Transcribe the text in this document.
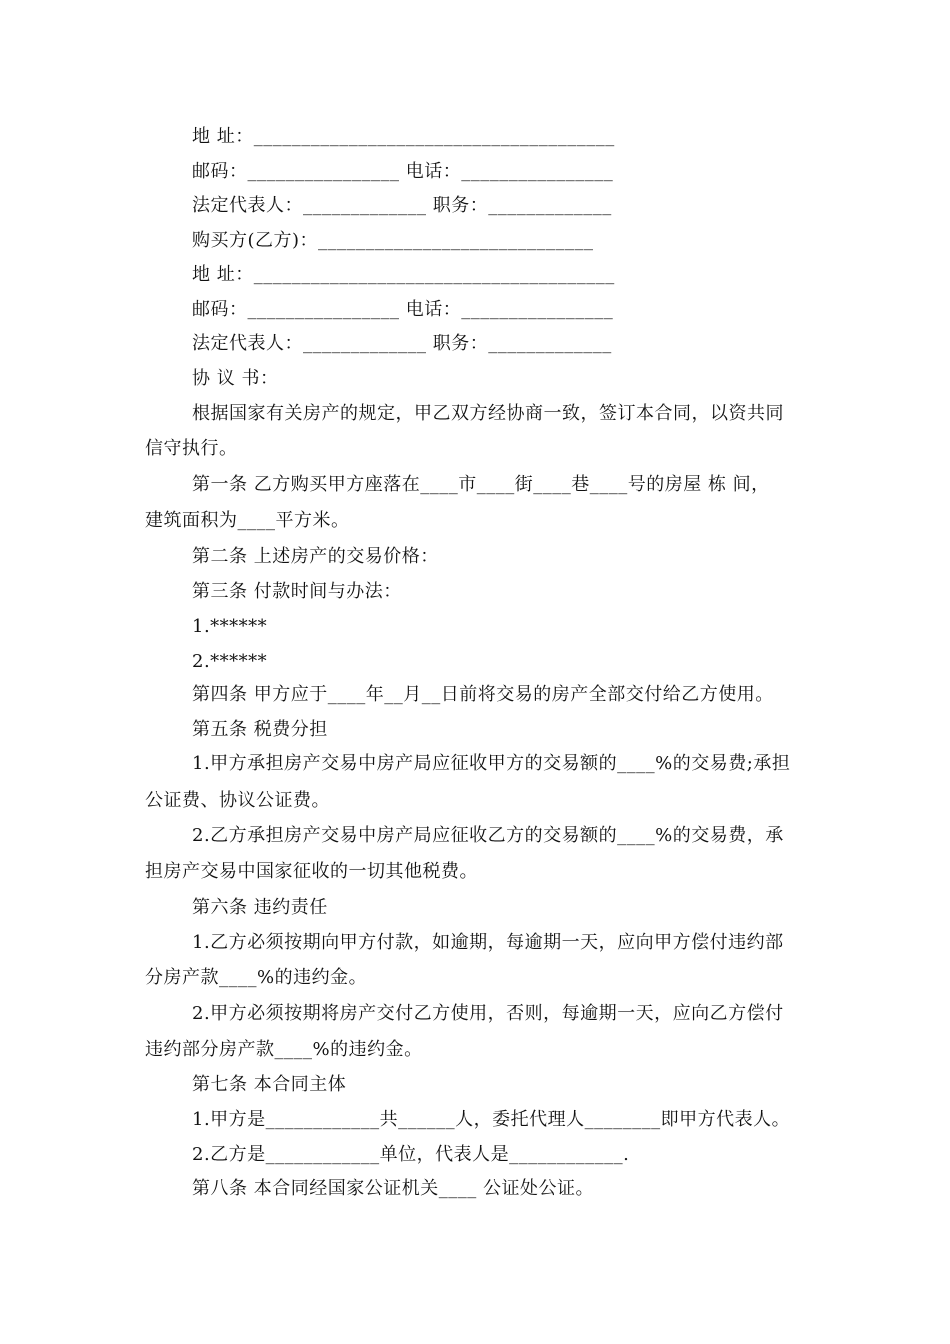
地 址：______________________________________
邮码：________________ 电话：________________
法定代表人：_____________ 职务：_____________
购买方(乙方)：_____________________________
地 址：______________________________________
邮码：________________ 电话：________________
法定代表人：_____________ 职务：_____________
协 议 书：
根据国家有关房产的规定，甲乙双方经协商一致，签订本合同，以资共同
信守执行。
第一条 乙方购买甲方座落在____市____街____巷____号的房屋 栋 间，
建筑面积为____平方米。
第二条 上述房产的交易价格：
第三条 付款时间与办法：
1.******
2.******
第四条 甲方应于____年__月__日前将交易的房产全部交付给乙方使用。
第五条 税费分担
1.甲方承担房产交易中房产局应征收甲方的交易额的____%的交易费;承担
公证费、协议公证费。
2.乙方承担房产交易中房产局应征收乙方的交易额的____%的交易费，承
担房产交易中国家征收的一切其他税费。
第六条 违约责任
1.乙方必须按期向甲方付款，如逾期，每逾期一天，应向甲方偿付违约部
分房产款____%的违约金。
2.甲方必须按期将房产交付乙方使用，否则，每逾期一天，应向乙方偿付
违约部分房产款____%的违约金。
第七条 本合同主体
1.甲方是____________共______人，委托代理人________即甲方代表人。
2.乙方是____________单位，代表人是____________.
第八条 本合同经国家公证机关____ 公证处公证。
